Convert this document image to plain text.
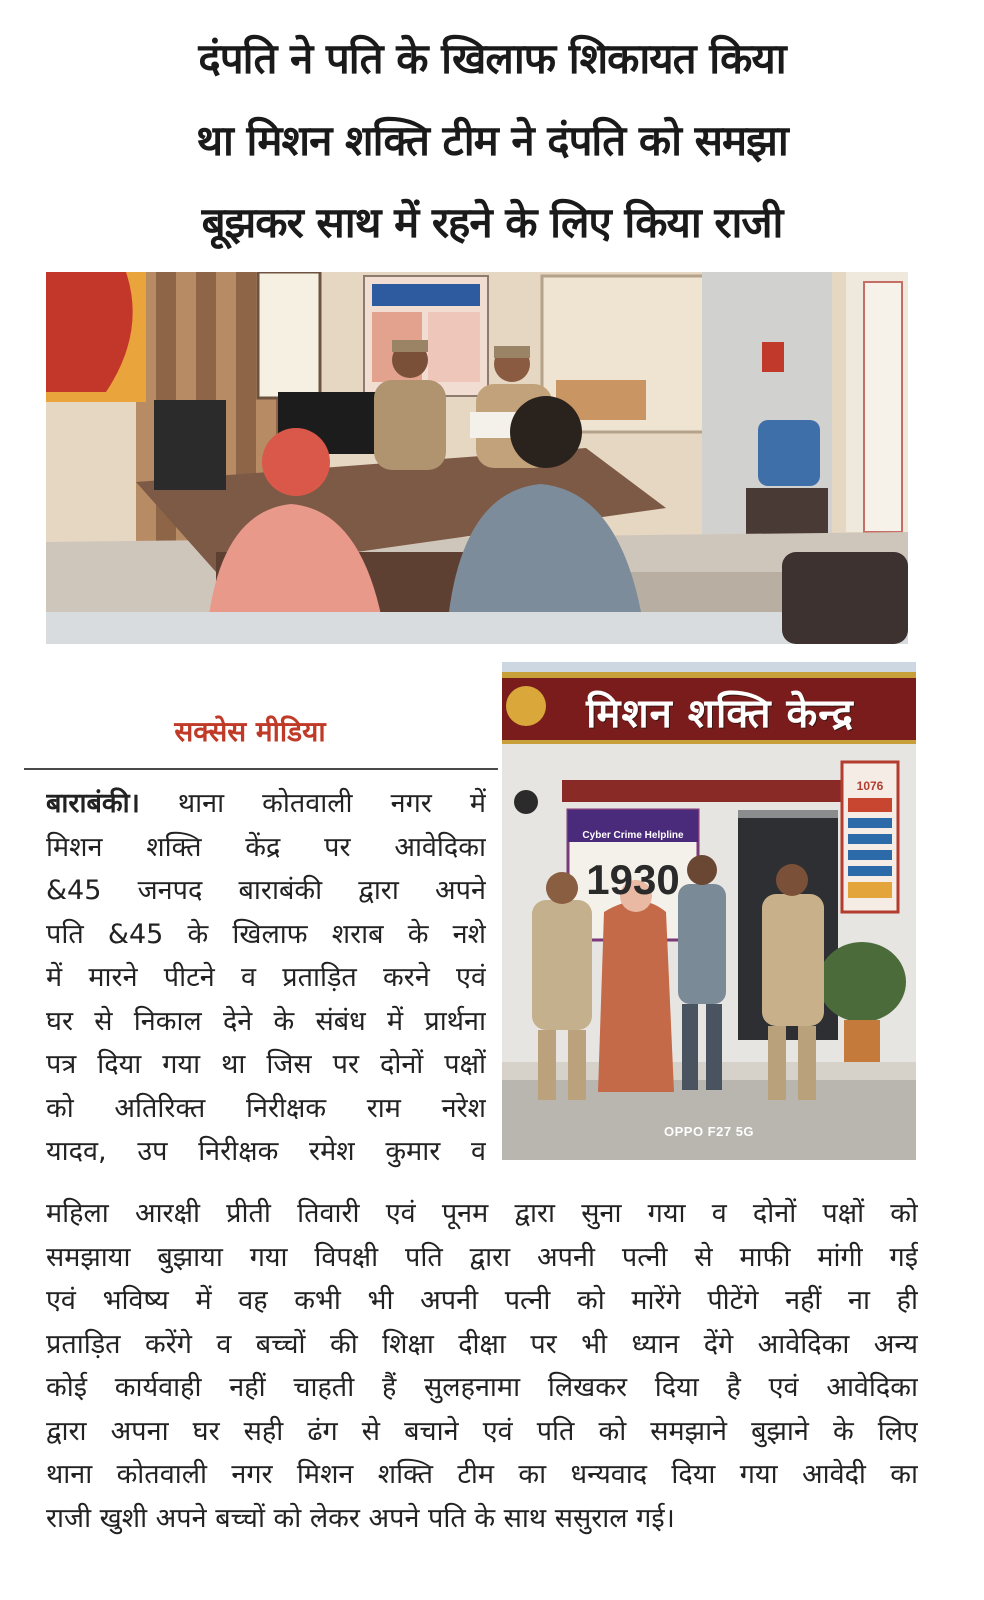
दंपति ने पति के खिलाफ शिकायत किया
था मिशन शक्ति टीम ने दंपति को समझा
बूझकर साथ में रहने के लिए किया राजी
सक्सेस मीडिया	मिशन शक्ति केन्द्र
Cyber Crime Helpline
1930
1076
OPPO F27 5G
बाराबंकी। थाना कोतवाली नगर में
मिशन शक्ति केंद्र पर आवेदिका
&45 जनपद बाराबंकी द्वारा अपने
पति &45 के खिलाफ शराब के नशे
में मारने पीटने व प्रताड़ित करने एवं
घर से निकाल देने के संबंध में प्रार्थना
पत्र दिया गया था जिस पर दोनों पक्षों
को अतिरिक्त निरीक्षक राम नरेश
यादव, उप निरीक्षक रमेश कुमार व
महिला आरक्षी प्रीती तिवारी एवं पूनम द्वारा सुना गया व दोनों पक्षों को
समझाया बुझाया गया विपक्षी पति द्वारा अपनी पत्नी से माफी मांगी गई
एवं भविष्य में वह कभी भी अपनी पत्नी को मारेंगे पीटेंगे नहीं ना ही
प्रताड़ित करेंगे व बच्चों की शिक्षा दीक्षा पर भी ध्यान देंगे आवेदिका अन्य
कोई कार्यवाही नहीं चाहती हैं सुलहनामा लिखकर दिया है एवं आवेदिका
द्वारा अपना घर सही ढंग से बचाने एवं पति को समझाने बुझाने के लिए
थाना कोतवाली नगर मिशन शक्ति टीम का धन्यवाद दिया गया आवेदी का
राजी खुशी अपने बच्चों को लेकर अपने पति के साथ ससुराल गई।
